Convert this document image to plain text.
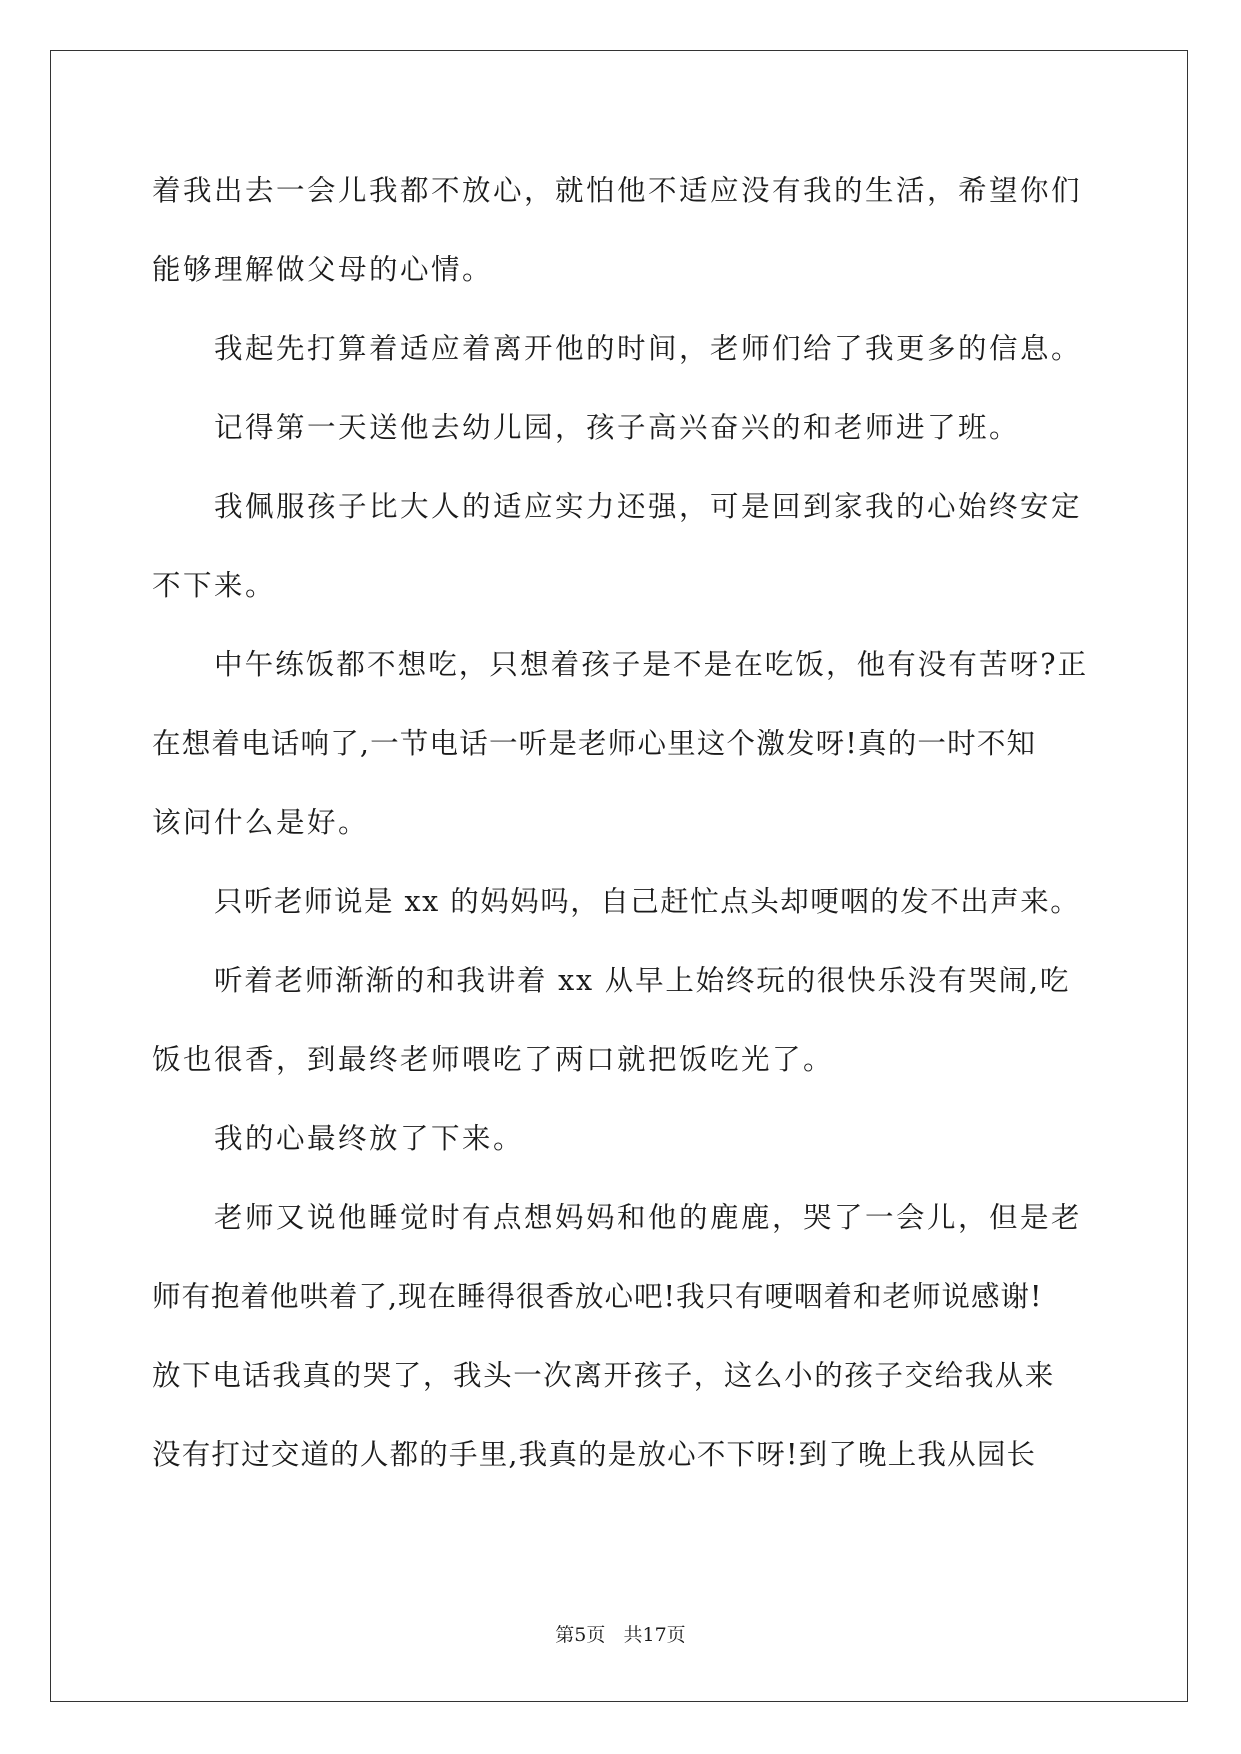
着我出去一会儿我都不放心，就怕他不适应没有我的生活，希望你们
能够理解做父母的心情。
我起先打算着适应着离开他的时间，老师们给了我更多的信息。
记得第一天送他去幼儿园，孩子高兴奋兴的和老师进了班。
我佩服孩子比大人的适应实力还强，可是回到家我的心始终安定
不下来。
中午练饭都不想吃，只想着孩子是不是在吃饭，他有没有苦呀?正
在想着电话响了,一节电话一听是老师心里这个激发呀!真的一时不知
该问什么是好。
只听老师说是 xx 的妈妈吗，自己赶忙点头却哽咽的发不出声来。
听着老师渐渐的和我讲着 xx 从早上始终玩的很快乐没有哭闹,吃
饭也很香，到最终老师喂吃了两口就把饭吃光了。
我的心最终放了下来。
老师又说他睡觉时有点想妈妈和他的鹿鹿，哭了一会儿，但是老
师有抱着他哄着了,现在睡得很香放心吧!我只有哽咽着和老师说感谢!
放下电话我真的哭了，我头一次离开孩子，这么小的孩子交给我从来
没有打过交道的人都的手里,我真的是放心不下呀!到了晚上我从园长
第5页   共17页
